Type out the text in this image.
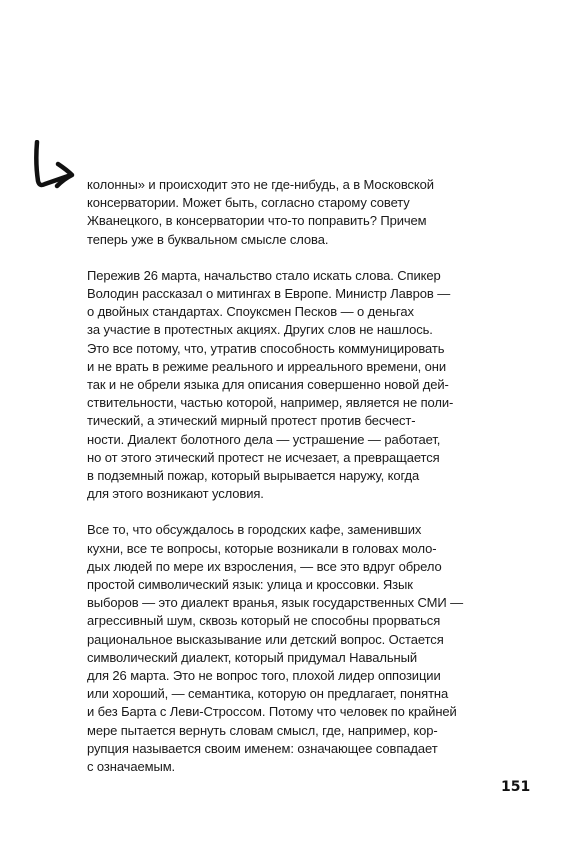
колонны» и происходит это не где-нибудь, а в Московской
консерватории. Может быть, согласно старому совету
Жванецкого, в консерватории что-то поправить? Причем
теперь уже в буквальном смысле слова.

Пережив 26 марта, начальство стало искать слова. Спикер
Володин рассказал о митингах в Европе. Министр Лавров —
о двойных стандартах. Споуксмен Песков — о деньгах
за участие в протестных акциях. Других слов не нашлось.
Это все потому, что, утратив способность коммуницировать
и не врать в режиме реального и ирреального времени, они
так и не обрели языка для описания совершенно новой дей-
ствительности, частью которой, например, является не поли-
тический, а этический мирный протест против бесчест-
ности. Диалект болотного дела — устрашение — работает,
но от этого этический протест не исчезает, а превращается
в подземный пожар, который вырывается наружу, когда
для этого возникают условия.

Все то, что обсуждалось в городских кафе, заменивших
кухни, все те вопросы, которые возникали в головах моло-
дых людей по мере их взросления, — все это вдруг обрело
простой символический язык: улица и кроссовки. Язык
выборов — это диалект вранья, язык государственных СМИ —
агрессивный шум, сквозь который не способны прорваться
рациональное высказывание или детский вопрос. Остается
символический диалект, который придумал Навальный
для 26 марта. Это не вопрос того, плохой лидер оппозиции
или хороший, — семантика, которую он предлагает, понятна
и без Барта с Леви-Строссом. Потому что человек по крайней
мере пытается вернуть словам смысл, где, например, кор-
рупция называется своим именем: означающее совпадает
с означаемым.

151
